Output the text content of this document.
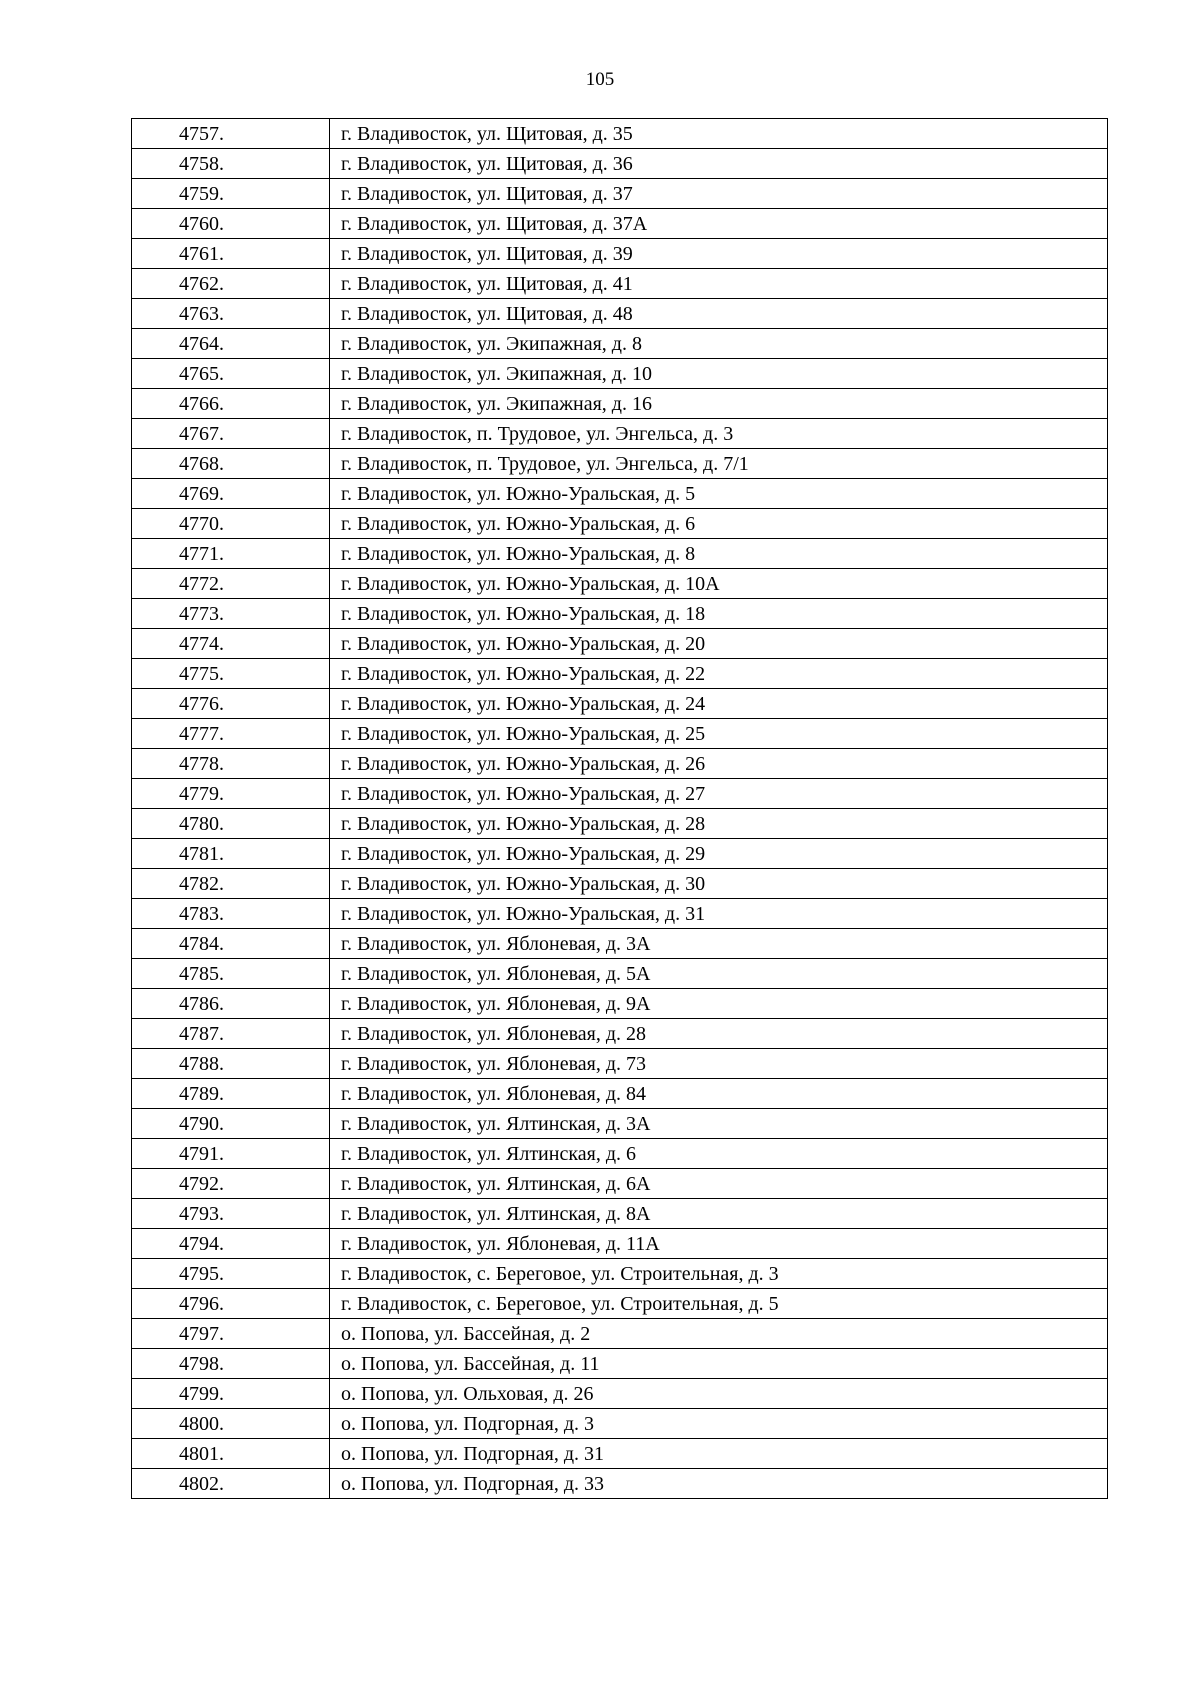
105
4757.	г. Владивосток, ул. Щитовая, д. 35
4758.	г. Владивосток, ул. Щитовая, д. 36
4759.	г. Владивосток, ул. Щитовая, д. 37
4760.	г. Владивосток, ул. Щитовая, д. 37А
4761.	г. Владивосток, ул. Щитовая, д. 39
4762.	г. Владивосток, ул. Щитовая, д. 41
4763.	г. Владивосток, ул. Щитовая, д. 48
4764.	г. Владивосток, ул. Экипажная, д. 8
4765.	г. Владивосток, ул. Экипажная, д. 10
4766.	г. Владивосток, ул. Экипажная, д. 16
4767.	г. Владивосток, п. Трудовое, ул. Энгельса, д. 3
4768.	г. Владивосток, п. Трудовое, ул. Энгельса, д. 7/1
4769.	г. Владивосток, ул. Южно-Уральская, д. 5
4770.	г. Владивосток, ул. Южно-Уральская, д. 6
4771.	г. Владивосток, ул. Южно-Уральская, д. 8
4772.	г. Владивосток, ул. Южно-Уральская, д. 10А
4773.	г. Владивосток, ул. Южно-Уральская, д. 18
4774.	г. Владивосток, ул. Южно-Уральская, д. 20
4775.	г. Владивосток, ул. Южно-Уральская, д. 22
4776.	г. Владивосток, ул. Южно-Уральская, д. 24
4777.	г. Владивосток, ул. Южно-Уральская, д. 25
4778.	г. Владивосток, ул. Южно-Уральская, д. 26
4779.	г. Владивосток, ул. Южно-Уральская, д. 27
4780.	г. Владивосток, ул. Южно-Уральская, д. 28
4781.	г. Владивосток, ул. Южно-Уральская, д. 29
4782.	г. Владивосток, ул. Южно-Уральская, д. 30
4783.	г. Владивосток, ул. Южно-Уральская, д. 31
4784.	г. Владивосток, ул. Яблоневая, д. 3А
4785.	г. Владивосток, ул. Яблоневая, д. 5А
4786.	г. Владивосток, ул. Яблоневая, д. 9А
4787.	г. Владивосток, ул. Яблоневая, д. 28
4788.	г. Владивосток, ул. Яблоневая, д. 73
4789.	г. Владивосток, ул. Яблоневая, д. 84
4790.	г. Владивосток, ул. Ялтинская, д. 3А
4791.	г. Владивосток, ул. Ялтинская, д. 6
4792.	г. Владивосток, ул. Ялтинская, д. 6А
4793.	г. Владивосток, ул. Ялтинская, д. 8А
4794.	г. Владивосток, ул. Яблоневая, д. 11А
4795.	г. Владивосток, с. Береговое, ул. Строительная, д. 3
4796.	г. Владивосток, с. Береговое, ул. Строительная, д. 5
4797.	о. Попова, ул. Бассейная, д. 2
4798.	о. Попова, ул. Бассейная, д. 11
4799.	о. Попова, ул. Ольховая, д. 26
4800.	о. Попова, ул. Подгорная, д. 3
4801.	о. Попова, ул. Подгорная, д. 31
4802.	о. Попова, ул. Подгорная, д. 33
